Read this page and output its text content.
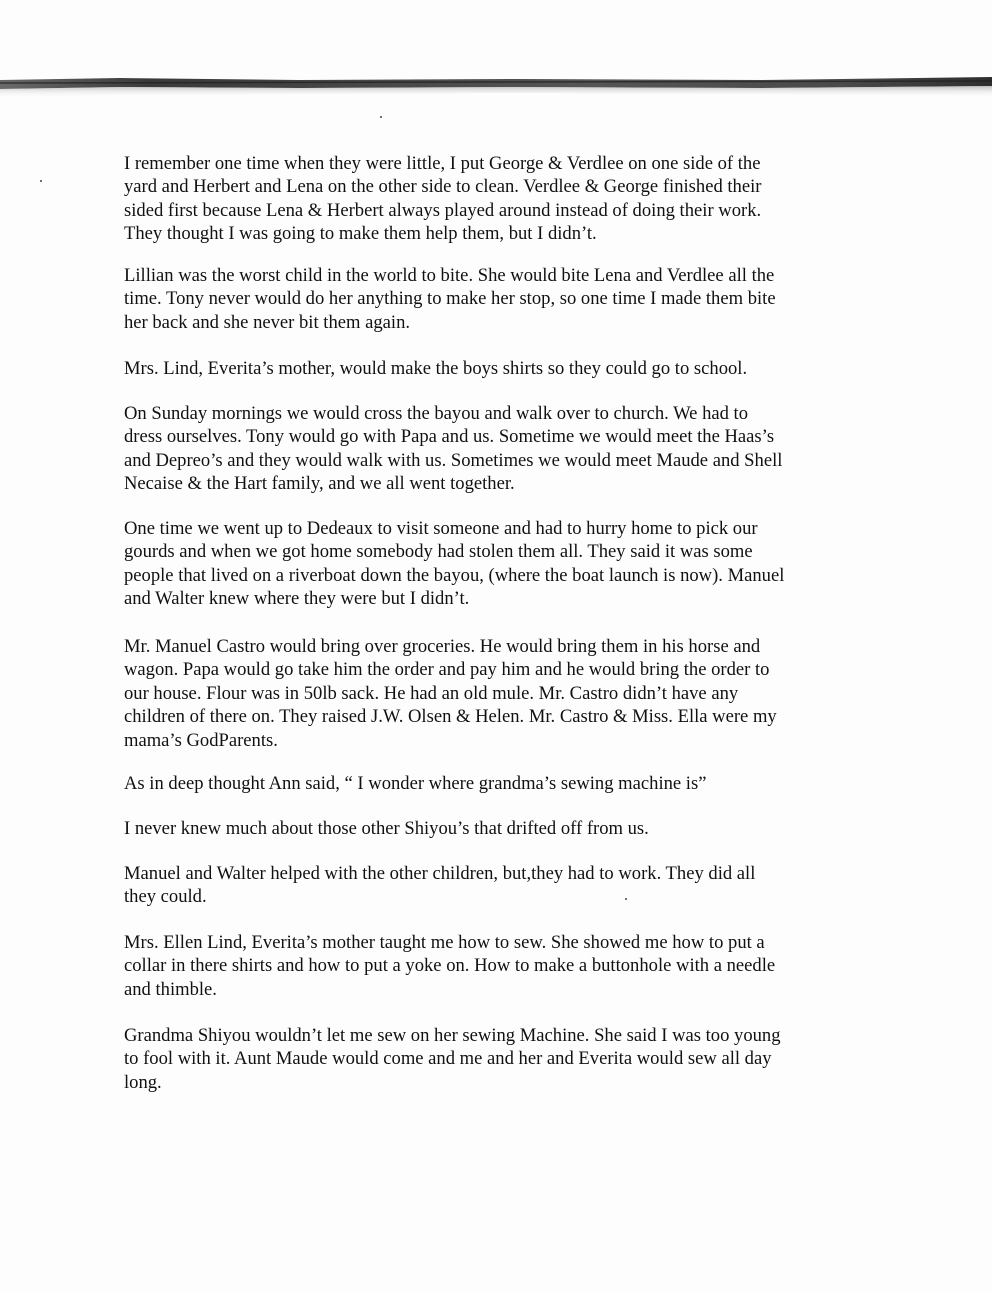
I remember one time when they were little, I put George & Verdlee on one side of the
yard and Herbert and Lena on the other side to clean. Verdlee & George finished their
sided first because Lena & Herbert always played around instead of doing their work.
They thought I was going to make them help them, but I didn’t.

Lillian was the worst child in the world to bite. She would bite Lena and Verdlee all the
time. Tony never would do her anything to make her stop, so one time I made them bite
her back and she never bit them again.

Mrs. Lind, Everita’s mother, would make the boys shirts so they could go to school.

On Sunday mornings we would cross the bayou and walk over to church. We had to
dress ourselves. Tony would go with Papa and us. Sometime we would meet the Haas’s
and Depreo’s and they would walk with us. Sometimes we would meet Maude and Shell
Necaise & the Hart family, and we all went together.

One time we went up to Dedeaux to visit someone and had to hurry home to pick our
gourds and when we got home somebody had stolen them all. They said it was some
people that lived on a riverboat down the bayou, (where the boat launch is now). Manuel
and Walter knew where they were but I didn’t.

Mr. Manuel Castro would bring over groceries. He would bring them in his horse and
wagon. Papa would go take him the order and pay him and he would bring the order to
our house. Flour was in 50lb sack. He had an old mule. Mr. Castro didn’t have any
children of there on. They raised J.W. Olsen & Helen. Mr. Castro & Miss. Ella were my
mama’s GodParents.

As in deep thought Ann said, “ I wonder where grandma’s sewing machine is”

I never knew much about those other Shiyou’s that drifted off from us.

Manuel and Walter helped with the other children, but,they had to work. They did all
they could.

Mrs. Ellen Lind, Everita’s mother taught me how to sew. She showed me how to put a
collar in there shirts and how to put a yoke on. How to make a buttonhole with a needle
and thimble.

Grandma Shiyou wouldn’t let me sew on her sewing Machine. She said I was too young
to fool with it. Aunt Maude would come and me and her and Everita would sew all day
long.
